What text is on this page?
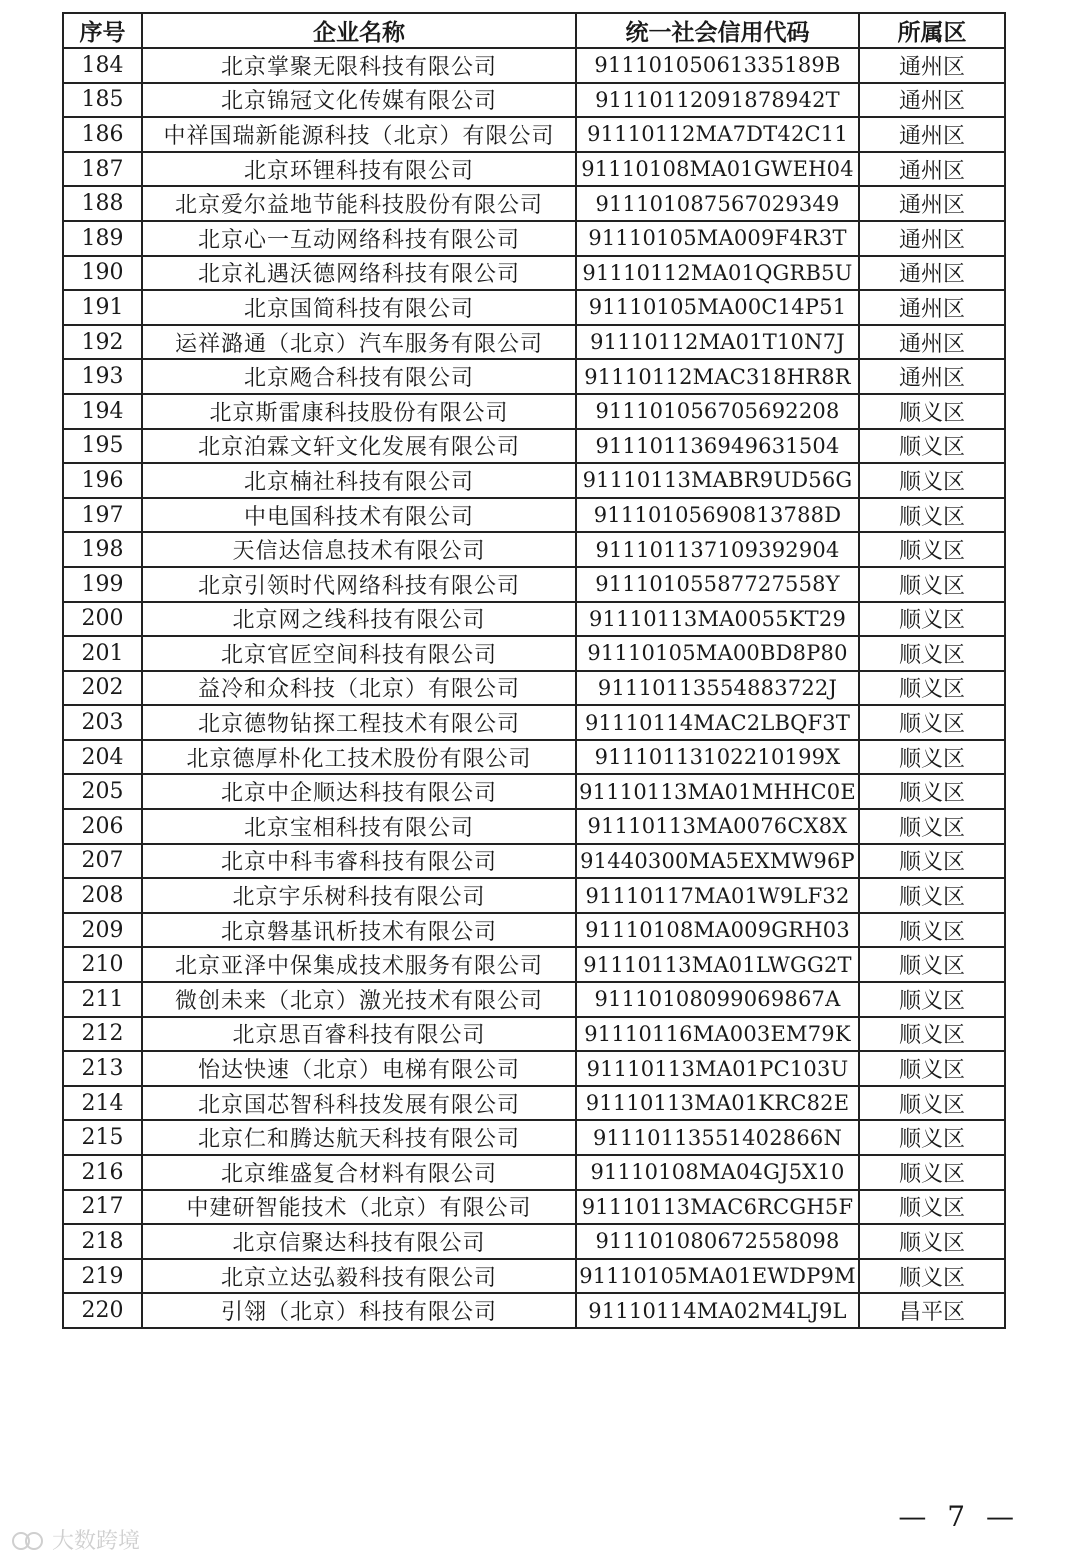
序号	企业名称	统一社会信用代码	所属区
184	北京掌聚无限科技有限公司	91110105061335189B	通州区
185	北京锦冠文化传媒有限公司	91110112091878942T	通州区
186	中祥国瑞新能源科技（北京）有限公司	91110112MA7DT42C11	通州区
187	北京环锂科技有限公司	91110108MA01GWEH04	通州区
188	北京爱尔益地节能科技股份有限公司	911101087567029349	通州区
189	北京心一互动网络科技有限公司	91110105MA009F4R3T	通州区
190	北京礼遇沃德网络科技有限公司	91110112MA01QGRB5U	通州区
191	北京国简科技有限公司	91110105MA00C14P51	通州区
192	运祥潞通（北京）汽车服务有限公司	91110112MA01T10N7J	通州区
193	北京飏合科技有限公司	91110112MAC318HR8R	通州区
194	北京斯雷康科技股份有限公司	911101056705692208	顺义区
195	北京泊霖文轩文化发展有限公司	911101136949631504	顺义区
196	北京楠社科技有限公司	91110113MABR9UD56G	顺义区
197	中电国科技术有限公司	91110105690813788D	顺义区
198	天信达信息技术有限公司	911101137109392904	顺义区
199	北京引领时代网络科技有限公司	91110105587727558Y	顺义区
200	北京网之线科技有限公司	91110113MA0055KT29	顺义区
201	北京官匠空间科技有限公司	91110105MA00BD8P80	顺义区
202	益冷和众科技（北京）有限公司	91110113554883722J	顺义区
203	北京德物钻探工程技术有限公司	91110114MAC2LBQF3T	顺义区
204	北京德厚朴化工技术股份有限公司	91110113102210199X	顺义区
205	北京中企顺达科技有限公司	91110113MA01MHHC0E	顺义区
206	北京宝相科技有限公司	91110113MA0076CX8X	顺义区
207	北京中科韦睿科技有限公司	91440300MA5EXMW96P	顺义区
208	北京宇乐树科技有限公司	91110117MA01W9LF32	顺义区
209	北京磐基讯析技术有限公司	91110108MA009GRH03	顺义区
210	北京亚泽中保集成技术服务有限公司	91110113MA01LWGG2T	顺义区
211	微创未来（北京）激光技术有限公司	91110108099069867A	顺义区
212	北京思百睿科技有限公司	91110116MA003EM79K	顺义区
213	怡达快速（北京）电梯有限公司	91110113MA01PC103U	顺义区
214	北京国芯智科科技发展有限公司	91110113MA01KRC82E	顺义区
215	北京仁和腾达航天科技有限公司	91110113551402866N	顺义区
216	北京维盛复合材料有限公司	91110108MA04GJ5X10	顺义区
217	中建研智能技术（北京）有限公司	91110113MAC6RCGH5F	顺义区
218	北京信聚达科技有限公司	911101080672558098	顺义区
219	北京立达弘毅科技有限公司	91110105MA01EWDP9M	顺义区
220	引翎（北京）科技有限公司	91110114MA02M4LJ9L	昌平区
— 7 —
大数跨境
